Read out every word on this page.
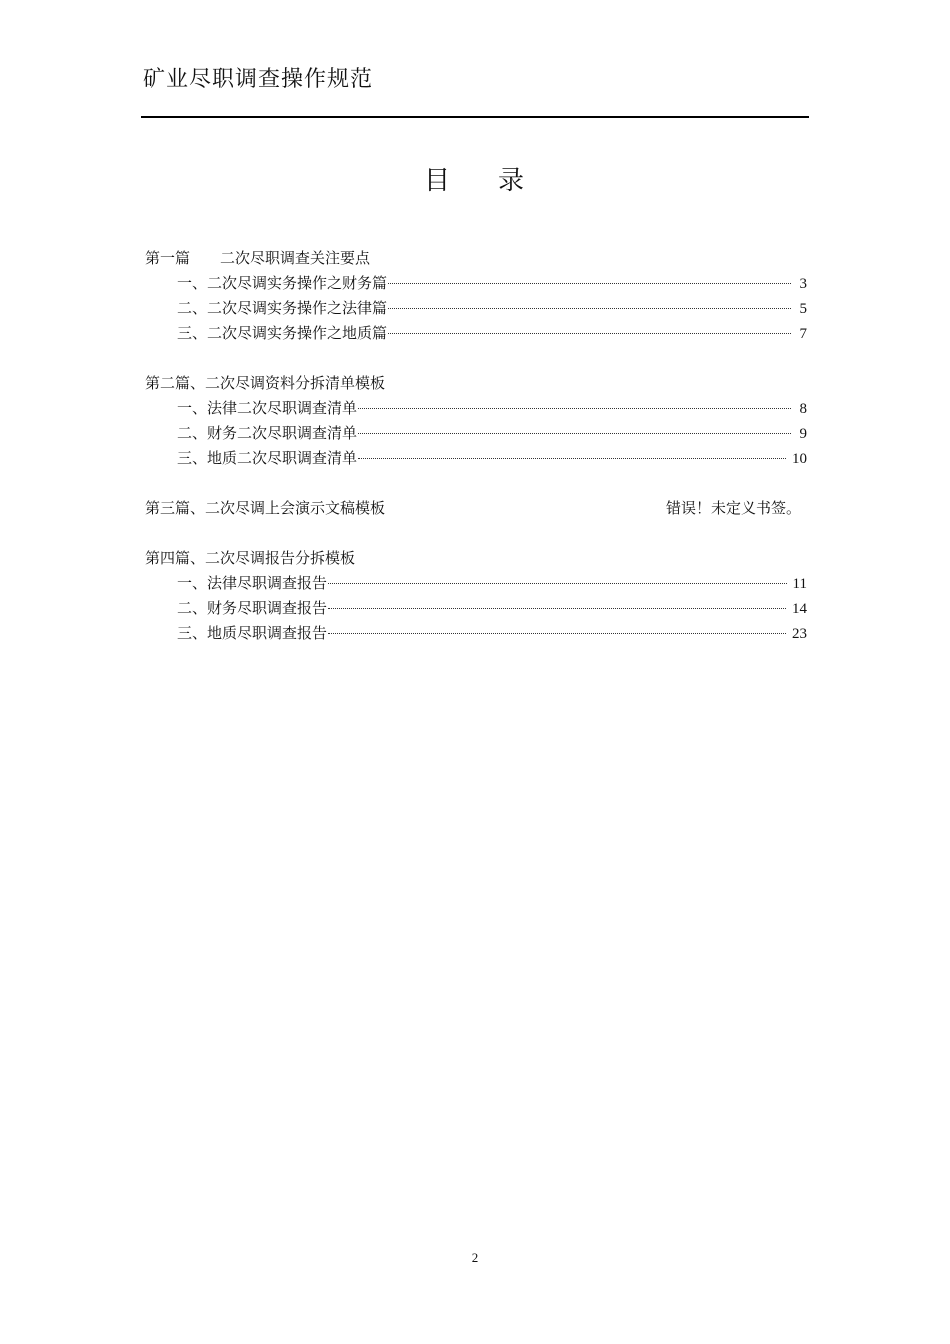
矿业尽职调查操作规范
目 录
第一篇　　二次尽职调查关注要点
一、二次尽调实务操作之财务篇	3
二、二次尽调实务操作之法律篇	5
三、二次尽调实务操作之地质篇	7
第二篇、二次尽调资料分拆清单模板
一、法律二次尽职调查清单	8
二、财务二次尽职调查清单	9
三、地质二次尽职调查清单	10
第三篇、二次尽调上会演示文稿模板	错误！未定义书签。
第四篇、二次尽调报告分拆模板
一、法律尽职调查报告	11
二、财务尽职调查报告	14
三、地质尽职调查报告	23
2
